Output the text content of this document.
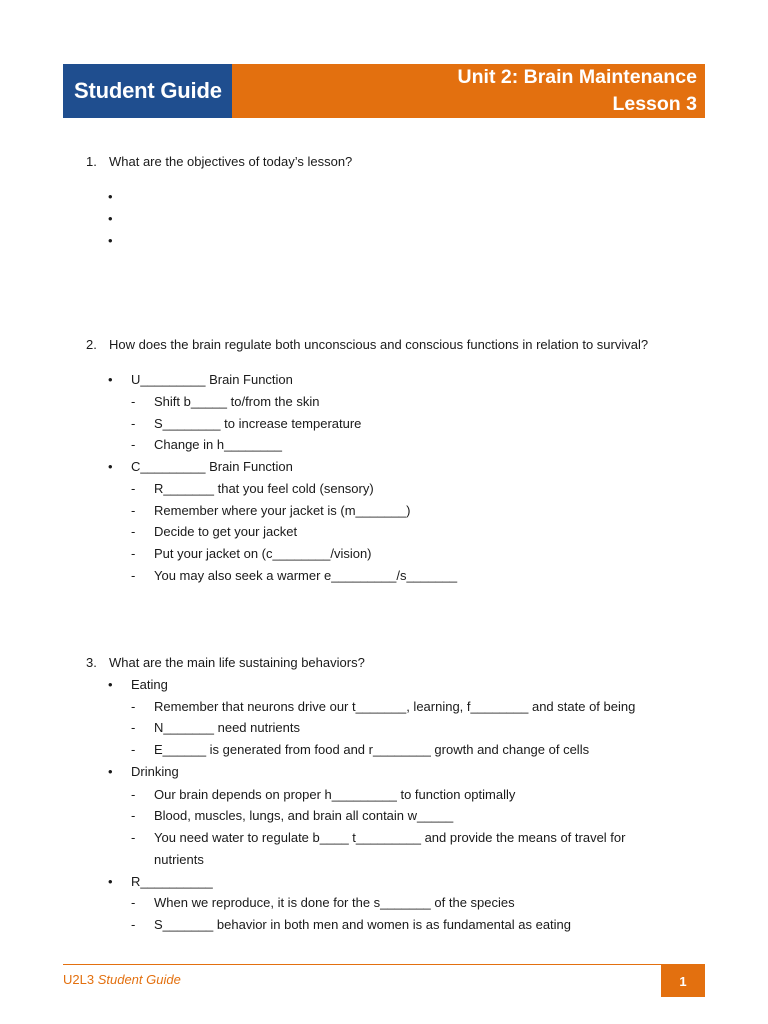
Student Guide
Unit 2: Brain Maintenance
Lesson 3
1. What are the objectives of today’s lesson?
•
•
•
2. How does the brain regulate both unconscious and conscious functions in relation to survival?
• U_________ Brain Function
- Shift b_____ to/from the skin
- S________ to increase temperature
- Change in h________
• C_________ Brain Function
- R_______ that you feel cold (sensory)
- Remember where your jacket is (m_______)
- Decide to get your jacket
- Put your jacket on (c________/vision)
- You may also seek a warmer e_________/s_______
3. What are the main life sustaining behaviors?
• Eating
- Remember that neurons drive our t_______, learning, f________ and state of being
- N_______ need nutrients
- E______ is generated from food and r________ growth and change of cells
• Drinking
- Our brain depends on proper h_________ to function optimally
- Blood, muscles, lungs, and brain all contain w_____
- You need water to regulate b____ t_________ and provide the means of travel for
nutrients
• R__________
- When we reproduce, it is done for the s_______ of the species
- S_______ behavior in both men and women is as fundamental as eating
U2L3 Student Guide	1
